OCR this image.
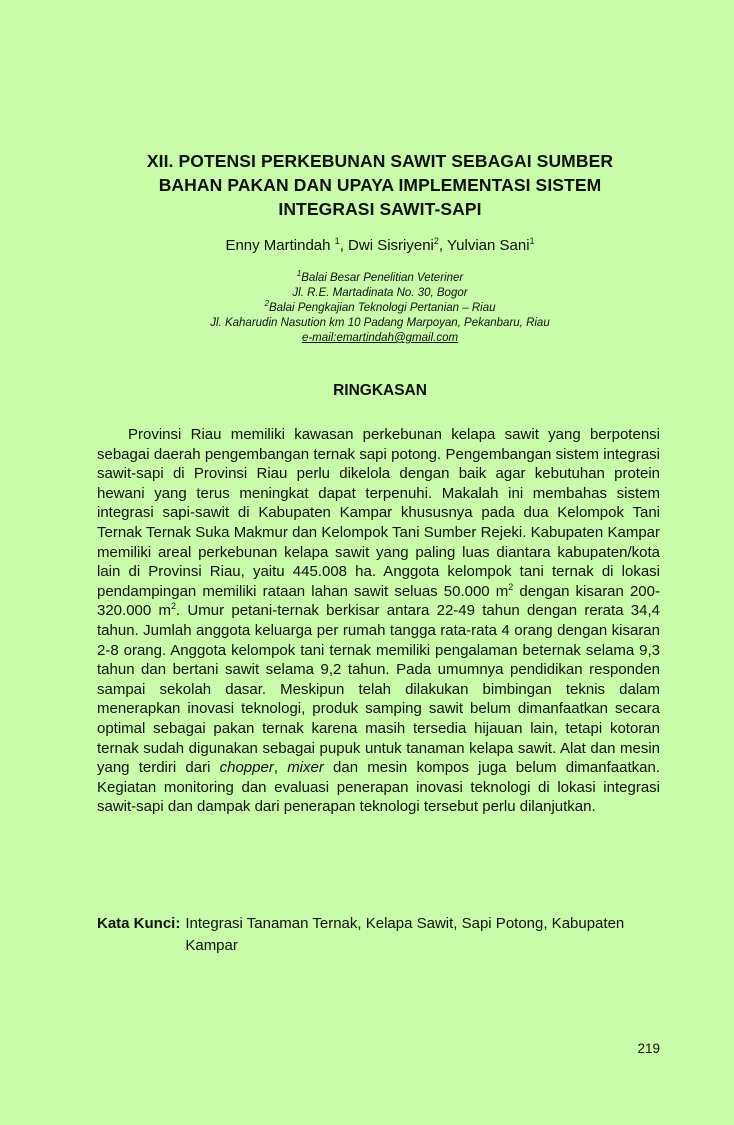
XII. POTENSI PERKEBUNAN SAWIT SEBAGAI SUMBER
BAHAN PAKAN DAN UPAYA IMPLEMENTASI SISTEM
INTEGRASI SAWIT-SAPI
Enny Martindah $^1$, Dwi Sisriyeni$^2$, Yulvian Sani$^1$
$^1$Balai Besar Penelitian Veteriner
Jl. R.E. Martadinata No. 30, Bogor
$^2$Balai Pengkajian Teknologi Pertanian – Riau
Jl. Kaharudin Nasution km 10 Padang Marpoyan, Pekanbaru, Riau
e-mail:emartindah@gmail.com
RINGKASAN

Provinsi Riau memiliki kawasan perkebunan kelapa sawit yang berpotensi sebagai daerah pengembangan ternak sapi potong. Pengembangan sistem integrasi sawit-sapi di Provinsi Riau perlu dikelola dengan baik agar kebutuhan protein hewani yang terus meningkat dapat terpenuhi. Makalah ini membahas sistem integrasi sapi-sawit di Kabupaten Kampar khususnya pada dua Kelompok Tani Ternak Ternak Suka Makmur dan Kelompok Tani Sumber Rejeki. Kabupaten Kampar memiliki areal perkebunan kelapa sawit yang paling luas diantara kabupaten/kota lain di Provinsi Riau, yaitu 445.008 ha. Anggota kelompok tani ternak di lokasi pendampingan memiliki rataan lahan sawit seluas 50.000 $m^2$ dengan kisaran 200-320.000 $m^2$. Umur petani-ternak berkisar antara 22-49 tahun dengan rerata 34,4 tahun. Jumlah anggota keluarga per rumah tangga rata-rata 4 orang dengan kisaran 2-8 orang. Anggota kelompok tani ternak memiliki pengalaman beternak selama 9,3 tahun dan bertani sawit selama 9,2 tahun. Pada umumnya pendidikan responden sampai sekolah dasar. Meskipun telah dilakukan bimbingan teknis dalam menerapkan inovasi teknologi, produk samping sawit belum dimanfaatkan secara optimal sebagai pakan ternak karena masih tersedia hijauan lain, tetapi kotoran ternak sudah digunakan sebagai pupuk untuk tanaman kelapa sawit. Alat dan mesin yang terdiri dari chopper, mixer dan mesin kompos juga belum dimanfaatkan. Kegiatan monitoring dan evaluasi penerapan inovasi teknologi di lokasi integrasi sawit-sapi dan dampak dari penerapan teknologi tersebut perlu dilanjutkan.

Kata Kunci: Integrasi Tanaman Ternak, Kelapa Sawit, Sapi Potong, Kabupaten Kampar
219
